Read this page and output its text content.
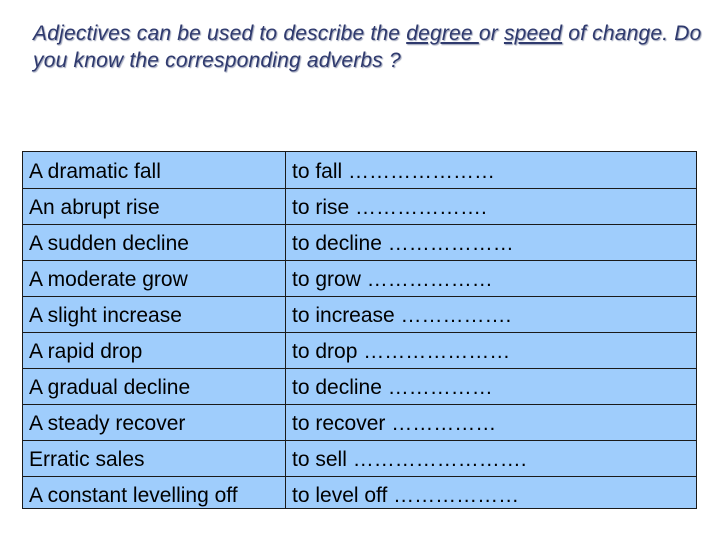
Adjectives can be used to describe the degree or speed of change. Do you know the corresponding adverbs ?
A dramatic fall	to fall …………………
An abrupt rise	to rise ……………….
A sudden decline	to decline ………………
A moderate grow	to grow ………………
A slight increase	to increase …………….
A rapid drop	to drop …………………
A gradual decline	to decline ……………
A steady recover	to recover ……………
Erratic sales	to sell …………………….
A constant levelling off	to level off ………………
